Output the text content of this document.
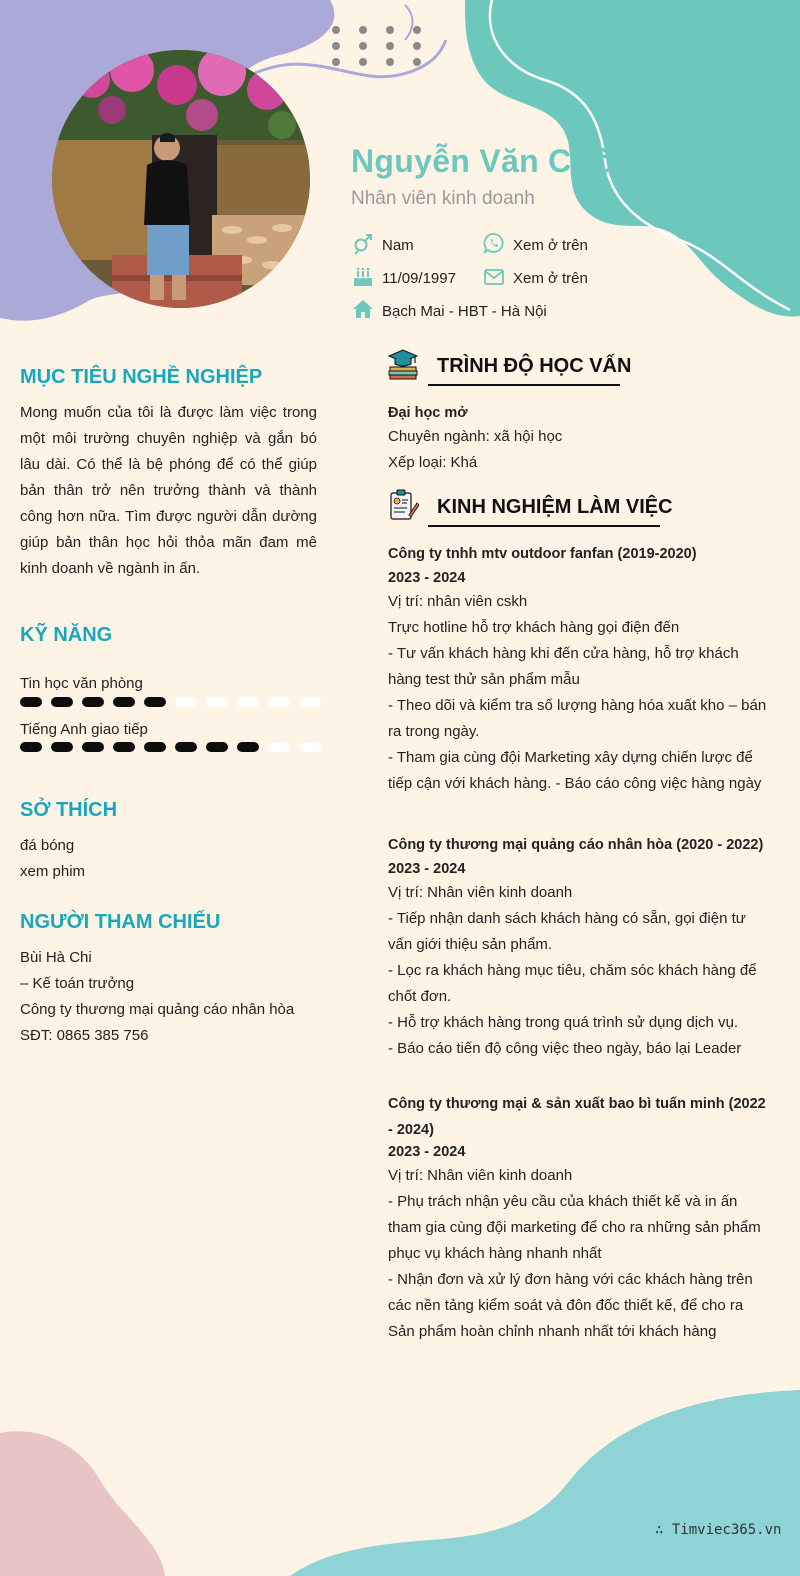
Nguyễn Văn Cường
Nhân viên kinh doanh
Nam	Xem ở trên
11/09/1997	Xem ở trên
Bạch Mai - HBT - Hà Nội
MỤC TIÊU NGHỀ NGHIỆP
Mong muốn của tôi là được làm việc trong một môi trường chuyên nghiệp và gắn bó lâu dài. Có thể là bệ phóng để có thể giúp bản thân trở nên trưởng thành và thành công hơn nữa. Tìm được người dẫn dường giúp bản thân học hỏi thỏa mãn đam mê kinh doanh về ngành in ấn.
KỸ NĂNG
Tin học văn phòng
Tiếng Anh giao tiếp
SỞ THÍCH
đá bóng
xem phim
NGƯỜI THAM CHIẾU
Bùi Hà Chi
– Kế toán trưởng
Công ty thương mại quảng cáo nhân hòa
SĐT: 0865 385 756
TRÌNH ĐỘ HỌC VẤN
Đại học mở
Chuyên ngành: xã hội học
Xếp loại: Khá
KINH NGHIỆM LÀM VIỆC
Công ty tnhh mtv outdoor fanfan (2019-2020)
2023 - 2024
Vị trí: nhân viên cskh
Trực hotline hỗ trợ khách hàng gọi điện đến
- Tư vấn khách hàng khi đến cửa hàng, hỗ trợ khách hàng test thử sản phẩm mẫu
- Theo dõi và kiểm tra số lượng hàng hóa xuất kho – bán ra trong ngày.
- Tham gia cùng đội Marketing xây dựng chiến lược để tiếp cận với khách hàng. - Báo cáo công việc hàng ngày
Công ty thương mại quảng cáo nhân hòa (2020 - 2022)
2023 - 2024
Vị trí: Nhân viên kinh doanh
- Tiếp nhận danh sách khách hàng có sẵn, gọi điện tư vấn giới thiệu sản phẩm.
- Lọc ra khách hàng mục tiêu, chăm sóc khách hàng để chốt đơn.
- Hỗ trợ khách hàng trong quá trình sử dụng dịch vụ.
- Báo cáo tiến độ công việc theo ngày, báo lại Leader
Công ty thương mại & sản xuất bao bì tuấn minh (2022 - 2024)
2023 - 2024
Vị trí: Nhân viên kinh doanh
- Phụ trách nhận yêu cầu của khách thiết kế và in ấn tham gia cùng đội marketing để cho ra những sản phẩm phục vụ khách hàng nhanh nhất
- Nhận đơn và xử lý đơn hàng với các khách hàng trên các nền tảng kiểm soát và đôn đốc thiết kế, để cho ra Sản phẩm hoàn chỉnh nhanh nhất tới khách hàng
∴ Timviec365.vn
